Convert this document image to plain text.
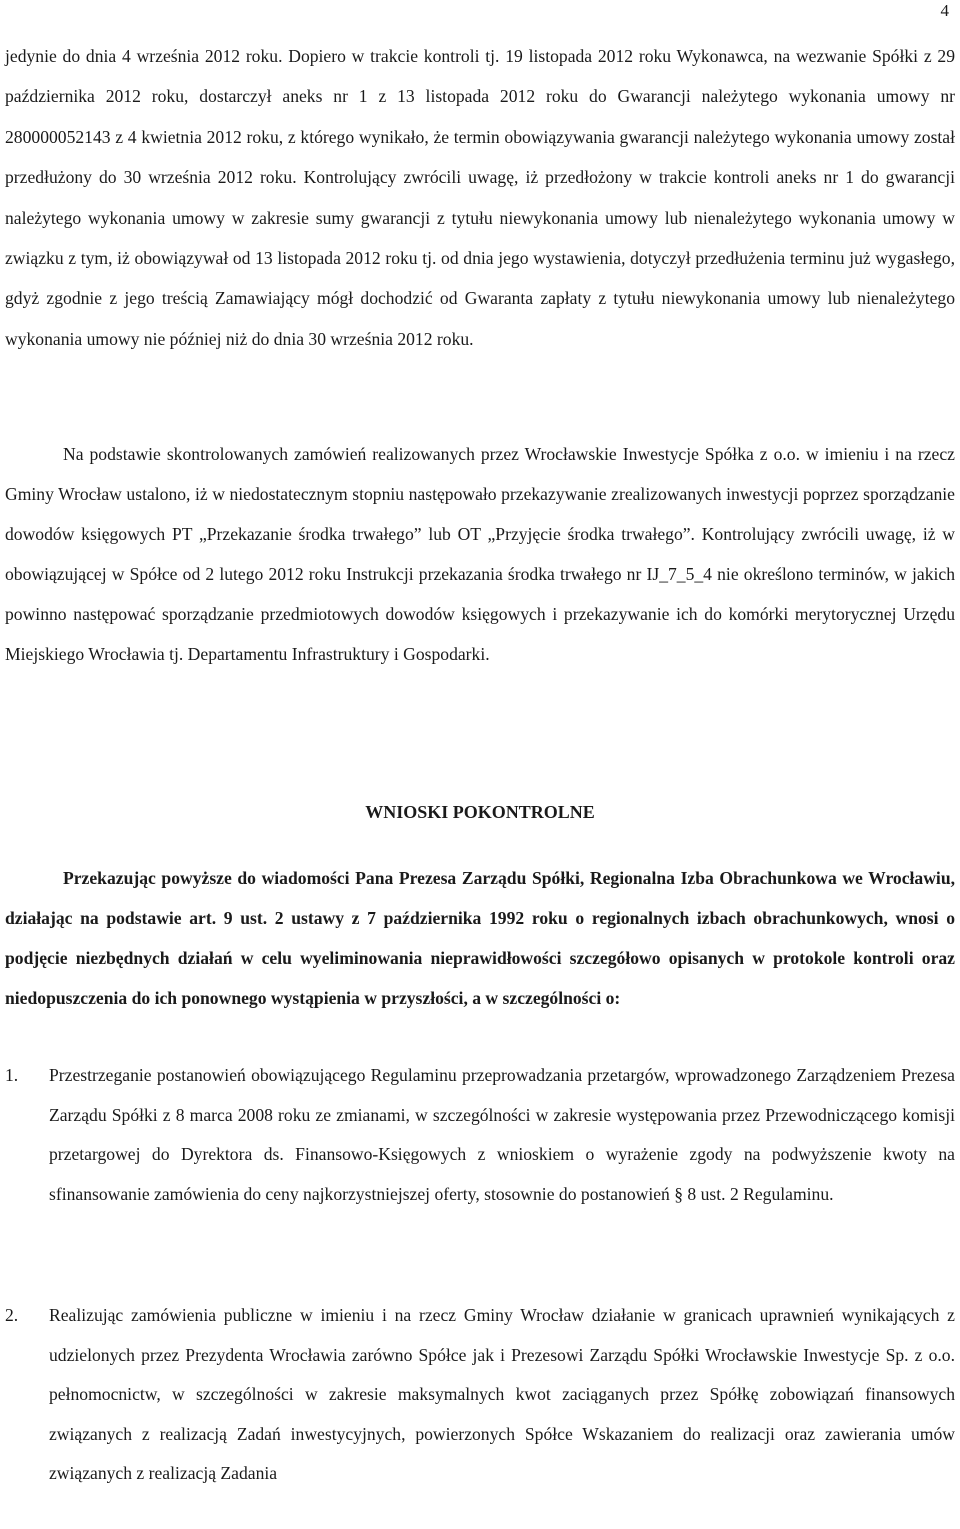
4

jedynie do dnia 4 września 2012 roku. Dopiero w trakcie kontroli tj. 19 listopada 2012 roku Wykonawca, na wezwanie Spółki z 29 października 2012 roku, dostarczył aneks nr 1 z 13 listopada 2012 roku do Gwarancji należytego wykonania umowy nr 280000052143 z 4 kwietnia 2012 roku, z którego wynikało, że termin obowiązywania gwarancji należytego wykonania umowy został przedłużony do 30 września 2012 roku. Kontrolujący zwrócili uwagę, iż przedłożony w trakcie kontroli aneks nr 1 do gwarancji należytego wykonania umowy w zakresie sumy gwarancji z tytułu niewykonania umowy lub nienależytego wykonania umowy w związku z tym, iż obowiązywał od 13 listopada 2012 roku tj. od dnia jego wystawienia, dotyczył przedłużenia terminu już wygasłego, gdyż zgodnie z jego treścią Zamawiający mógł dochodzić od Gwaranta zapłaty z tytułu niewykonania umowy lub nienależytego wykonania umowy nie później niż do dnia 30 września 2012 roku.

Na podstawie skontrolowanych zamówień realizowanych przez Wrocławskie Inwestycje Spółka z o.o. w imieniu i na rzecz Gminy Wrocław ustalono, iż w niedostatecznym stopniu następowało przekazywanie zrealizowanych inwestycji poprzez sporządzanie dowodów księgowych PT „Przekazanie środka trwałego” lub OT „Przyjęcie środka trwałego”. Kontrolujący zwrócili uwagę, iż w obowiązującej w Spółce od 2 lutego 2012 roku Instrukcji przekazania środka trwałego nr IJ_7_5_4 nie określono terminów, w jakich powinno następować sporządzanie przedmiotowych dowodów księgowych i przekazywanie ich do komórki merytorycznej Urzędu Miejskiego Wrocławia tj. Departamentu Infrastruktury i Gospodarki.

WNIOSKI POKONTROLNE

Przekazując powyższe do wiadomości Pana Prezesa Zarządu Spółki, Regionalna Izba Obrachunkowa we Wrocławiu, działając na podstawie art. 9 ust. 2 ustawy z 7 października 1992 roku o regionalnych izbach obrachunkowych, wnosi o podjęcie niezbędnych działań w celu wyeliminowania nieprawidłowości szczegółowo opisanych w protokole kontroli oraz niedopuszczenia do ich ponownego wystąpienia w przyszłości, a w szczególności o:

1. Przestrzeganie postanowień obowiązującego Regulaminu przeprowadzania przetargów, wprowadzonego Zarządzeniem Prezesa Zarządu Spółki z 8 marca 2008 roku ze zmianami, w szczególności w zakresie występowania przez Przewodniczącego komisji przetargowej do Dyrektora ds. Finansowo-Księgowych z wnioskiem o wyrażenie zgody na podwyższenie kwoty na sfinansowanie zamówienia do ceny najkorzystniejszej oferty, stosownie do postanowień § 8 ust. 2 Regulaminu.

2. Realizując zamówienia publiczne w imieniu i na rzecz Gminy Wrocław działanie w granicach uprawnień wynikających z udzielonych przez Prezydenta Wrocławia zarówno Spółce jak i Prezesowi Zarządu Spółki Wrocławskie Inwestycje Sp. z o.o. pełnomocnictw, w szczególności w zakresie maksymalnych kwot zaciąganych przez Spółkę zobowiązań finansowych związanych z realizacją Zadań inwestycyjnych, powierzonych Spółce Wskazaniem do realizacji oraz zawierania umów związanych z realizacją Zadania
